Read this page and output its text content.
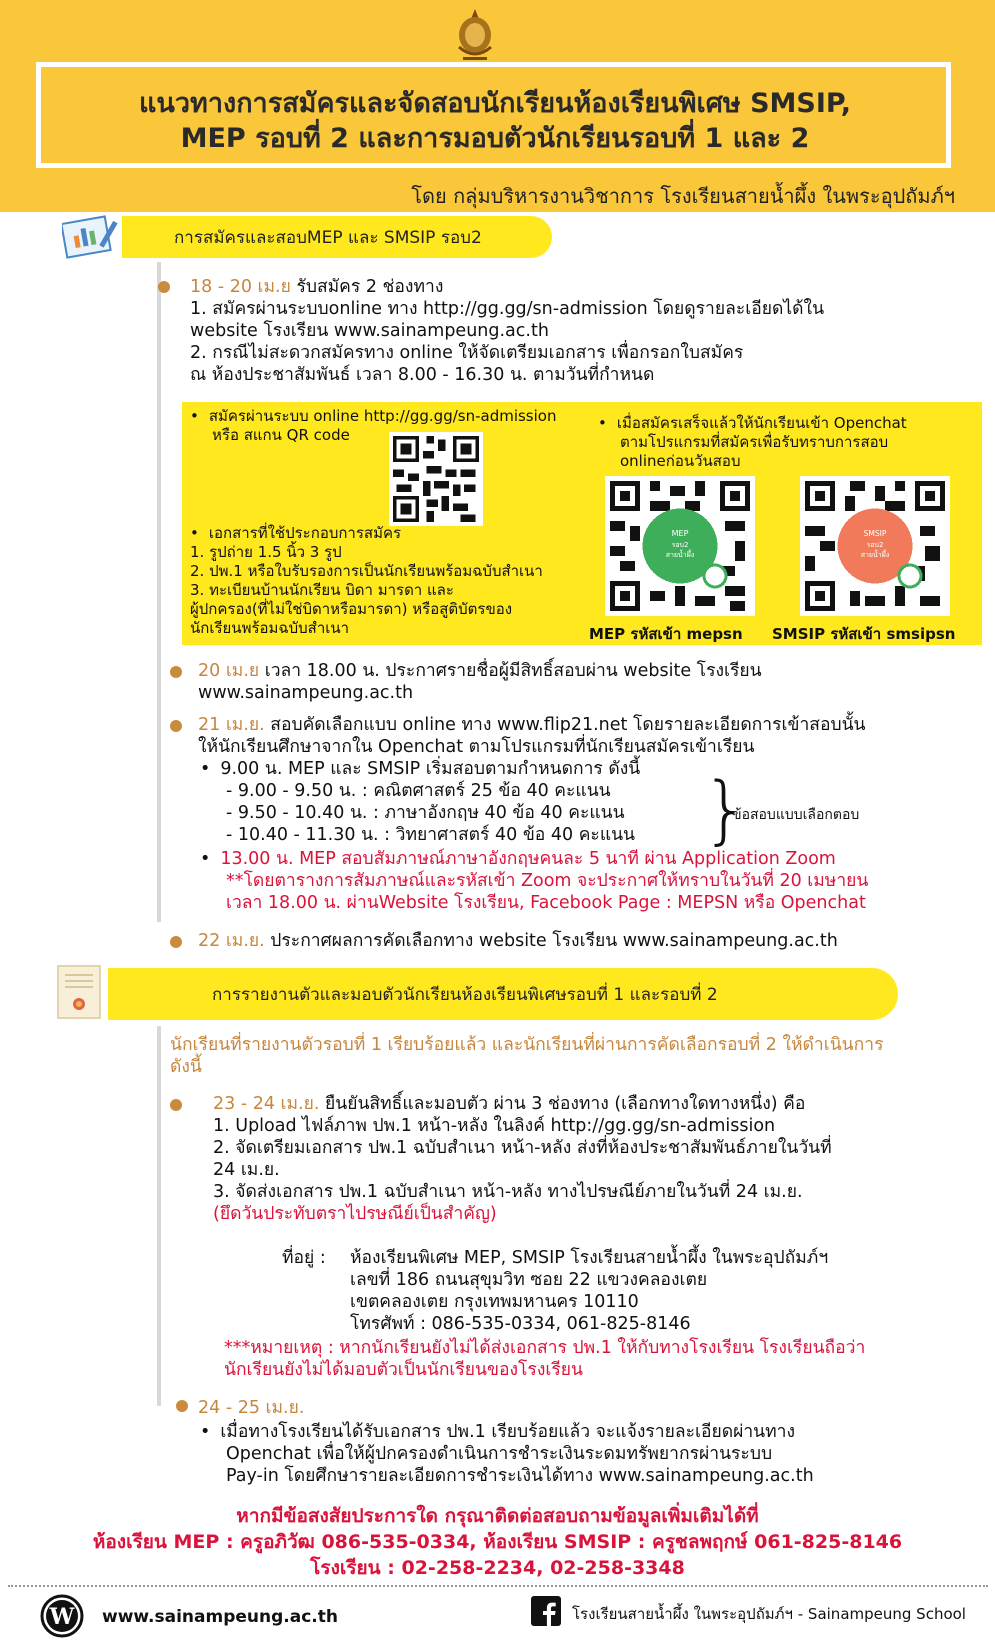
แนวทางการสมัครและจัดสอบนักเรียนห้องเรียนพิเศษ SMSIP,
MEP รอบที่ 2 และการมอบตัวนักเรียนรอบที่ 1 และ 2
โดย กลุ่มบริหารงานวิชาการ โรงเรียนสายน้ำผึ้ง ในพระอุปถัมภ์ฯ
การสมัครและสอบMEP และ SMSIP รอบ2
18 - 20 เม.ย รับสมัคร 2 ช่องทาง
1. สมัครผ่านระบบonline ทาง http://gg.gg/sn-admission โดยดูรายละเอียดได้ใน
website โรงเรียน www.sainampeung.ac.th
2. กรณีไม่สะดวกสมัครทาง online ให้จัดเตรียมเอกสาร เพื่อกรอกใบสมัคร
ณ ห้องประชาสัมพันธ์ เวลา 8.00 - 16.30 น. ตามวันที่กำหนด
• สมัครผ่านระบบ online http://gg.gg/sn-admission
หรือ สแกน QR code
• เอกสารที่ใช้ประกอบการสมัคร
1. รูปถ่าย 1.5 นิ้ว 3 รูป
2. ปพ.1 หรือใบรับรองการเป็นนักเรียนพร้อมฉบับสำเนา
3. ทะเบียนบ้านนักเรียน บิดา มารดา และ
ผู้ปกครอง(ที่ไม่ใช่บิดาหรือมารดา) หรือสูติบัตรของ
นักเรียนพร้อมฉบับสำเนา
• เมื่อสมัครเสร็จแล้วให้นักเรียนเข้า Openchat
ตามโปรแกรมที่สมัครเพื่อรับทราบการสอบ
onlineก่อนวันสอบ
MEP
รอบ2
สายน้ำผึ้ง
MEP รหัสเข้า mepsn
SMSIP
รอบ2
สายน้ำผึ้ง
SMSIP รหัสเข้า smsipsn
20 เม.ย เวลา 18.00 น. ประกาศรายชื่อผู้มีสิทธิ์สอบผ่าน website โรงเรียน
www.sainampeung.ac.th
21 เม.ย. สอบคัดเลือกแบบ online ทาง www.flip21.net โดยรายละเอียดการเข้าสอบนั้น
ให้นักเรียนศึกษาจากใน Openchat ตามโปรแกรมที่นักเรียนสมัครเข้าเรียน
• 9.00 น. MEP และ SMSIP เริ่มสอบตามกำหนดการ ดังนี้
- 9.00 - 9.50 น. : คณิตศาสตร์ 25 ข้อ 40 คะแนน
- 9.50 - 10.40 น. : ภาษาอังกฤษ 40 ข้อ 40 คะแนน
- 10.40 - 11.30 น. : วิทยาศาสตร์ 40 ข้อ 40 คะแนน }
ข้อสอบแบบเลือกตอบ
• 13.00 น. MEP สอบสัมภาษณ์ภาษาอังกฤษคนละ 5 นาที ผ่าน Application Zoom
**โดยตารางการสัมภาษณ์และรหัสเข้า Zoom จะประกาศให้ทราบในวันที่ 20 เมษายน
เวลา 18.00 น. ผ่านWebsite โรงเรียน, Facebook Page : MEPSN หรือ Openchat
22 เม.ย. ประกาศผลการคัดเลือกทาง website โรงเรียน www.sainampeung.ac.th
การรายงานตัวและมอบตัวนักเรียนห้องเรียนพิเศษรอบที่ 1 และรอบที่ 2
นักเรียนที่รายงานตัวรอบที่ 1 เรียบร้อยแล้ว และนักเรียนที่ผ่านการคัดเลือกรอบที่ 2 ให้ดำเนินการ
ดังนี้
23 - 24 เม.ย. ยืนยันสิทธิ์และมอบตัว ผ่าน 3 ช่องทาง (เลือกทางใดทางหนึ่ง) คือ
1. Upload ไฟล์ภาพ ปพ.1 หน้า-หลัง ในลิงค์ http://gg.gg/sn-admission
2. จัดเตรียมเอกสาร ปพ.1 ฉบับสำเนา หน้า-หลัง ส่งที่ห้องประชาสัมพันธ์ภายในวันที่
24 เม.ย.
3. จัดส่งเอกสาร ปพ.1 ฉบับสำเนา หน้า-หลัง ทางไปรษณีย์ภายในวันที่ 24 เม.ย.
(ยึดวันประทับตราไปรษณีย์เป็นสำคัญ)
ที่อยู่ : ห้องเรียนพิเศษ MEP, SMSIP โรงเรียนสายน้ำผึ้ง ในพระอุปถัมภ์ฯ
เลขที่ 186 ถนนสุขุมวิท ซอย 22 แขวงคลองเตย
เขตคลองเตย กรุงเทพมหานคร 10110
โทรศัพท์ : 086-535-0334, 061-825-8146
***หมายเหตุ : หากนักเรียนยังไม่ได้ส่งเอกสาร ปพ.1 ให้กับทางโรงเรียน โรงเรียนถือว่า
นักเรียนยังไม่ได้มอบตัวเป็นนักเรียนของโรงเรียน
24 - 25 เม.ย.
• เมื่อทางโรงเรียนได้รับเอกสาร ปพ.1 เรียบร้อยแล้ว จะแจ้งรายละเอียดผ่านทาง
Openchat เพื่อให้ผู้ปกครองดำเนินการชำระเงินระดมทรัพยากรผ่านระบบ
Pay-in โดยศึกษารายละเอียดการชำระเงินได้ทาง www.sainampeung.ac.th
หากมีข้อสงสัยประการใด กรุณาติดต่อสอบถามข้อมูลเพิ่มเติมได้ที่
ห้องเรียน MEP : ครูอภิวัฒ 086-535-0334, ห้องเรียน SMSIP : ครูชลพฤกษ์ 061-825-8146
โรงเรียน : 02-258-2234, 02-258-3348
W www.sainampeung.ac.th	โรงเรียนสายน้ำผึ้ง ในพระอุปถัมภ์ฯ - Sainampeung School
